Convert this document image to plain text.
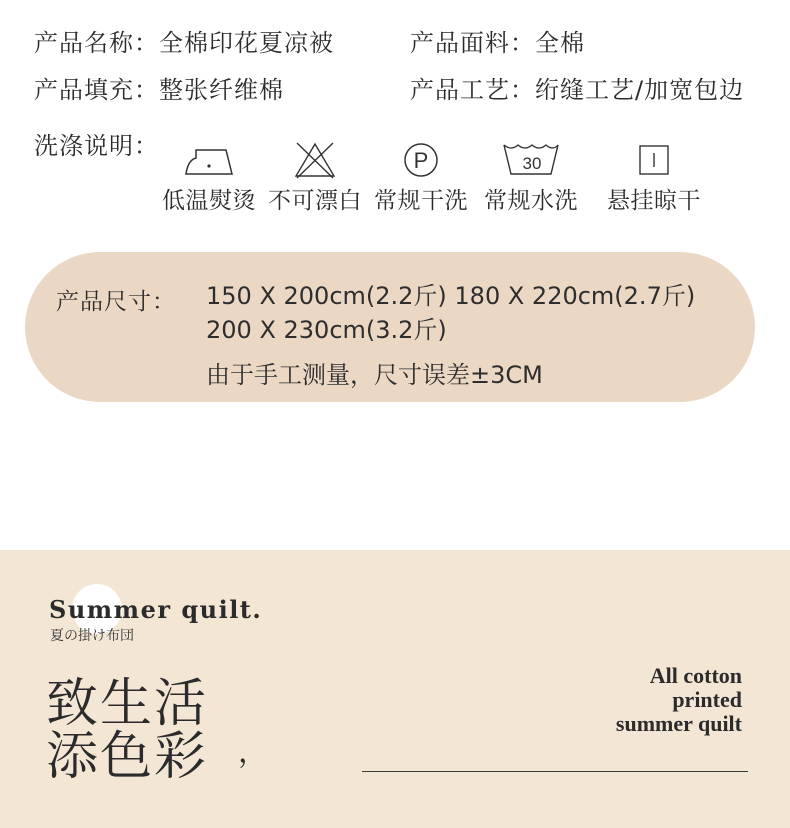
产品名称：全棉印花夏凉被	产品面料：全棉
产品填充：整张纤维棉	产品工艺：绗缝工艺/加宽包边
洗涤说明：
低温熨烫 不可漂白
P
常规干洗
30
常规水洗 悬挂晾干
产品尺寸： 150 X 200cm(2.2斤) 180 X 220cm(2.7斤)
200 X 230cm(3.2斤)
由于手工测量，尺寸误差±3CM
Summer quilt.
夏の掛け布団
致生活
添色彩 ，
All cotton
printed
summer quilt
